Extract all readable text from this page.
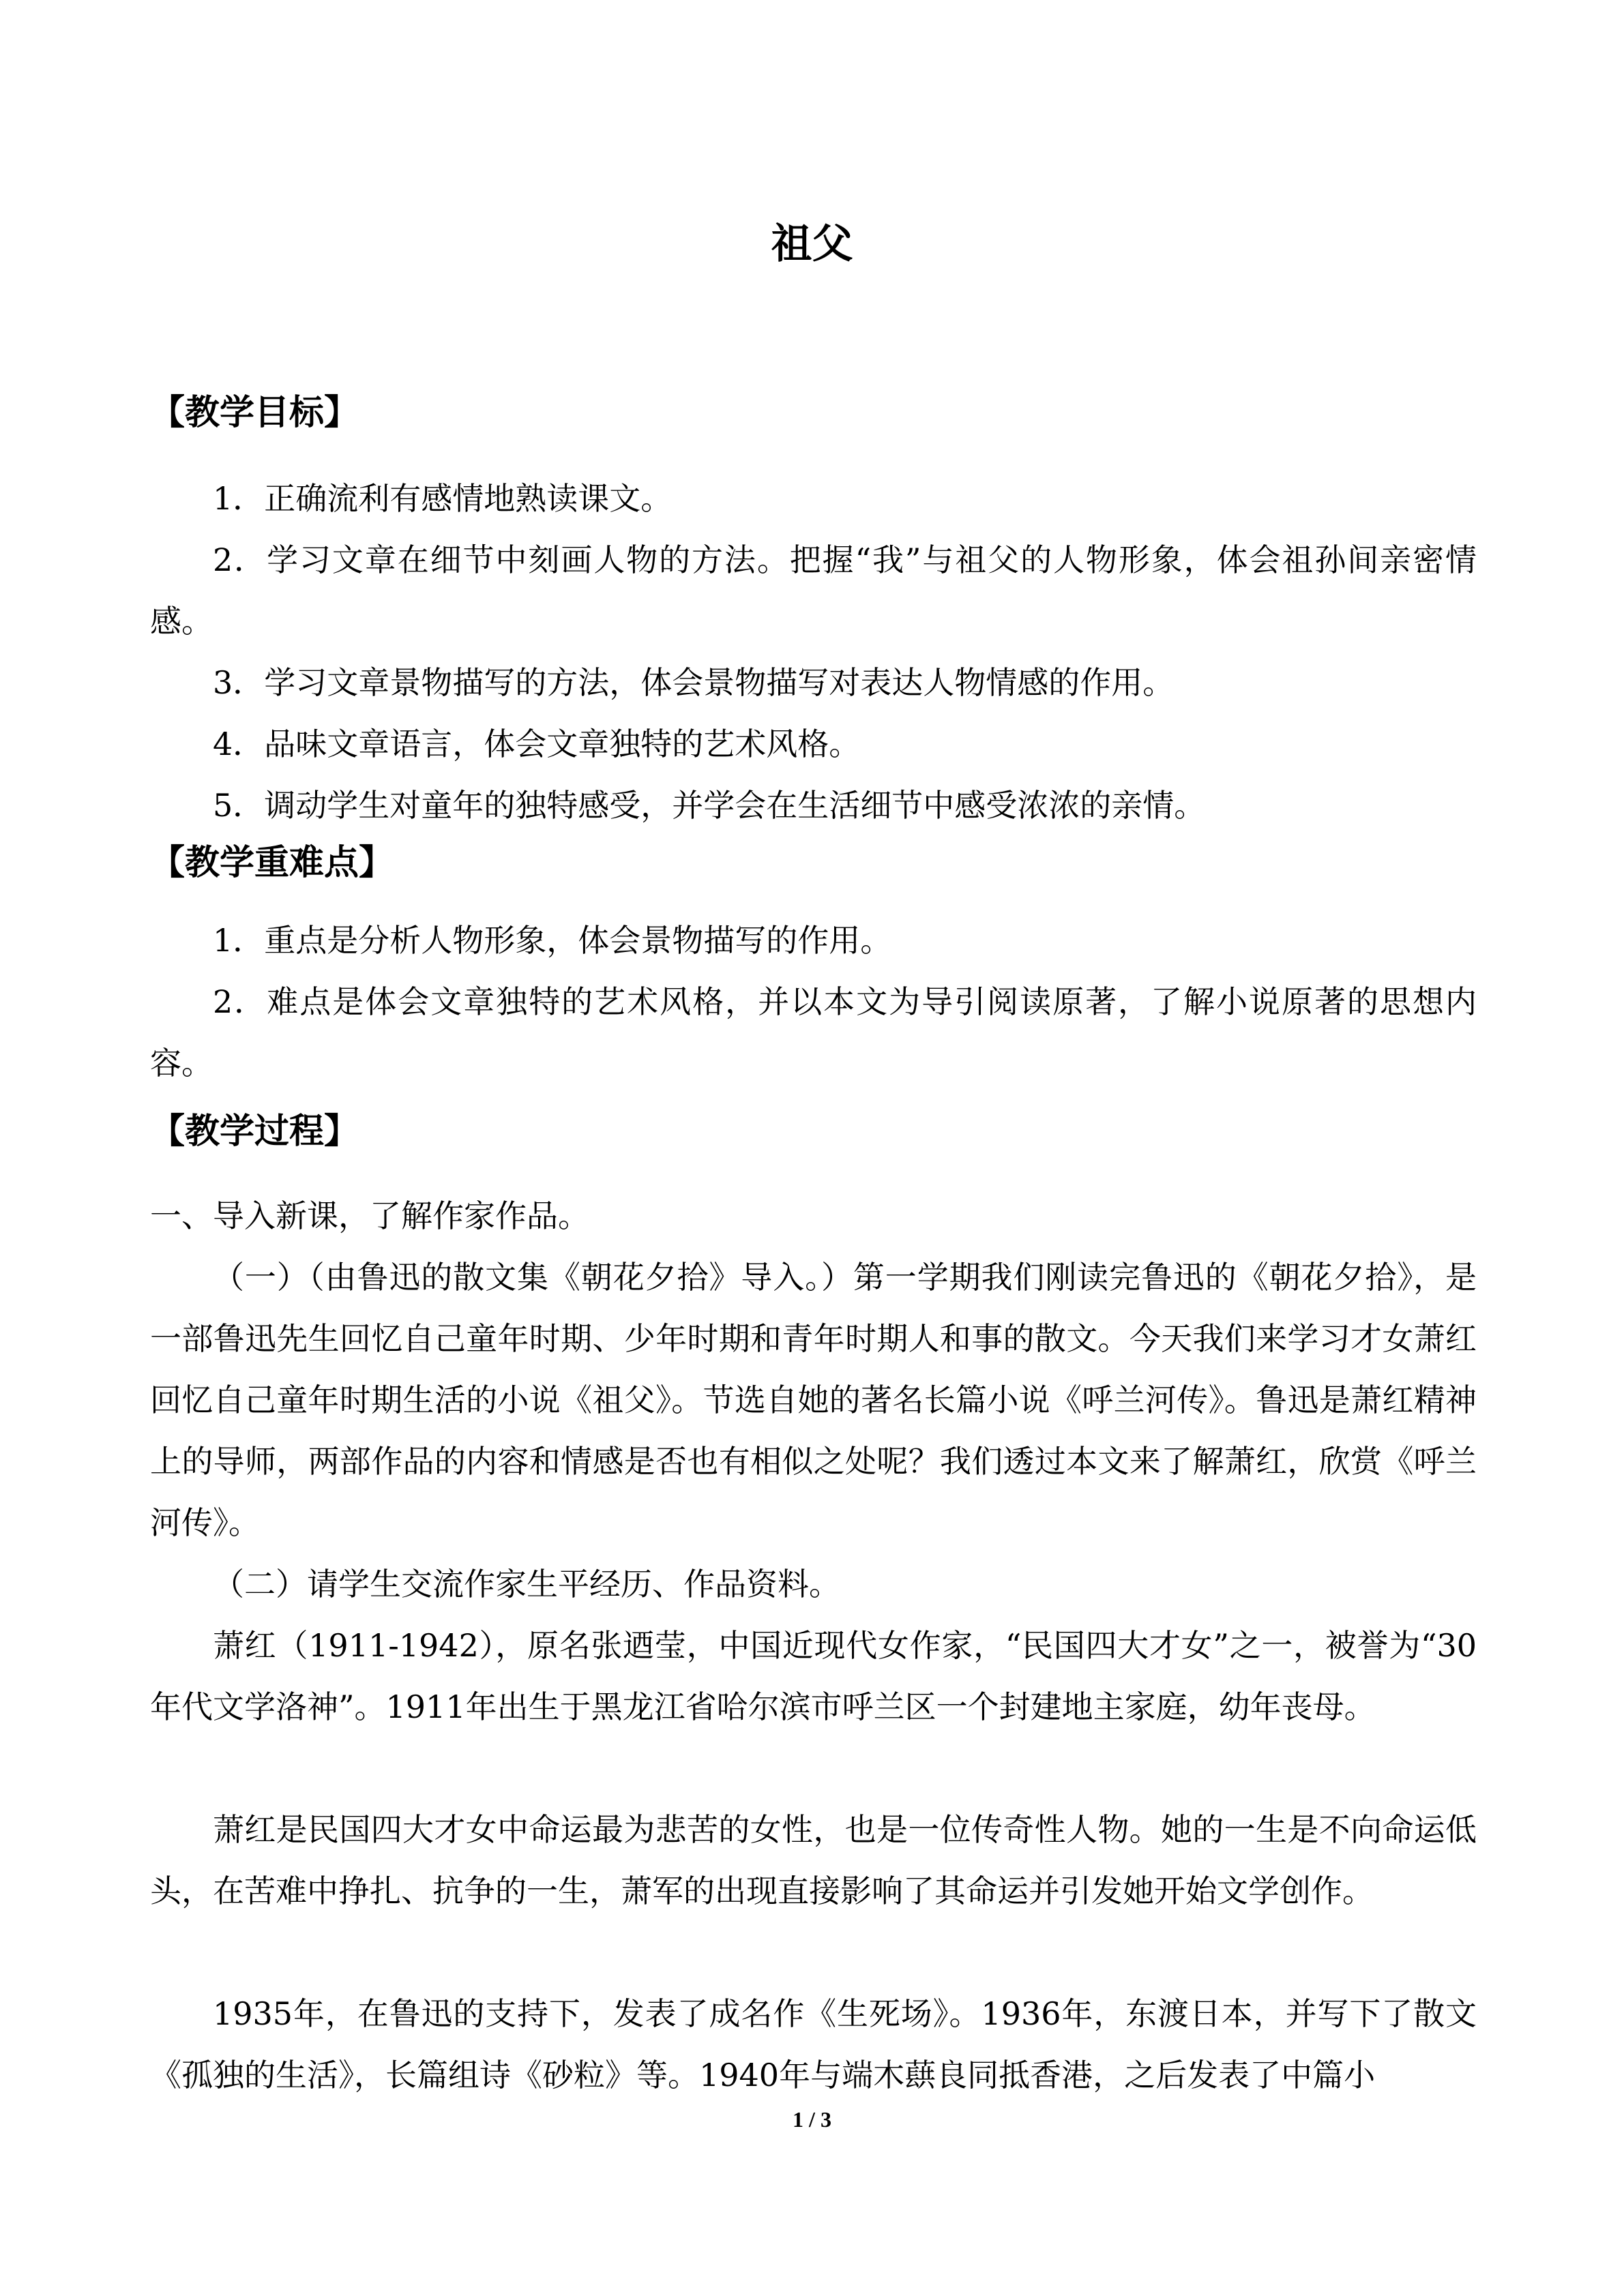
祖父
【教学目标】

1．正确流利有感情地熟读课文。

2．学习文章在细节中刻画人物的方法。把握“我”与祖父的人物形象，体会祖孙间亲密情感。

3．学习文章景物描写的方法，体会景物描写对表达人物情感的作用。

4．品味文章语言，体会文章独特的艺术风格。

5．调动学生对童年的独特感受，并学会在生活细节中感受浓浓的亲情。

【教学重难点】

1．重点是分析人物形象，体会景物描写的作用。

2．难点是体会文章独特的艺术风格，并以本文为导引阅读原著，了解小说原著的思想内容。

【教学过程】

一、导入新课，了解作家作品。

（一）（由鲁迅的散文集《朝花夕拾》导入。）第一学期我们刚读完鲁迅的《朝花夕拾》，是一部鲁迅先生回忆自己童年时期、少年时期和青年时期人和事的散文。今天我们来学习才女萧红回忆自己童年时期生活的小说《祖父》。节选自她的著名长篇小说《呼兰河传》。鲁迅是萧红精神上的导师，两部作品的内容和情感是否也有相似之处呢？我们透过本文来了解萧红，欣赏《呼兰河传》。

（二）请学生交流作家生平经历、作品资料。

萧红（1911-1942），原名张迺莹，中国近现代女作家，“民国四大才女”之一，被誉为“30年代文学洛神”。1911年出生于黑龙江省哈尔滨市呼兰区一个封建地主家庭，幼年丧母。

萧红是民国四大才女中命运最为悲苦的女性，也是一位传奇性人物。她的一生是不向命运低头，在苦难中挣扎、抗争的一生，萧军的出现直接影响了其命运并引发她开始文学创作。

1935年，在鲁迅的支持下，发表了成名作《生死场》。1936年，东渡日本，并写下了散文《孤独的生活》，长篇组诗《砂粒》等。1940年与端木蕻良同抵香港，之后发表了中篇小

1 / 3
